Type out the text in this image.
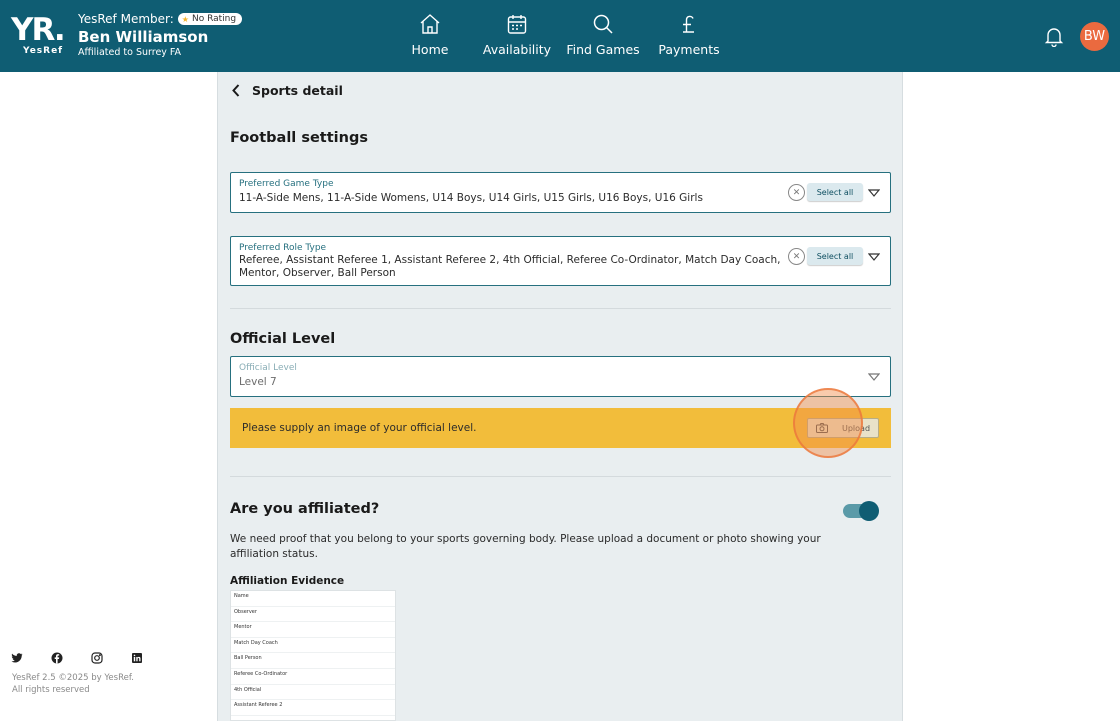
YR.
YesRef
YesRef Member: ★ No Rating
Ben Williamson
Affiliated to Surrey FA	Home	Availability Find Games Payments
BW
Sports detail
Football settings
Preferred Game Type
11-A-Side Mens, 11-A-Side Womens, U14 Boys, U14 Girls, U15 Girls, U16 Boys, U16 Girls	✕	Select all
Preferred Role Type
Referee, Assistant Referee 1, Assistant Referee 2, 4th Official, Referee Co-Ordinator, Match Day Coach,
Mentor, Observer, Ball Person
✕	Select all
Official Level
Official Level
Level 7
Please supply an image of your official level.	Upload
Are you affiliated?
We need proof that you belong to your sports governing body. Please upload a document or photo showing your affiliation status.
Affiliation Evidence
Name
Observer
Mentor
Match Day Coach
Ball Person
Referee Co-Ordinator
4th Official
Assistant Referee 2
YesRef 2.5 ©2025 by YesRef.
All rights reserved
